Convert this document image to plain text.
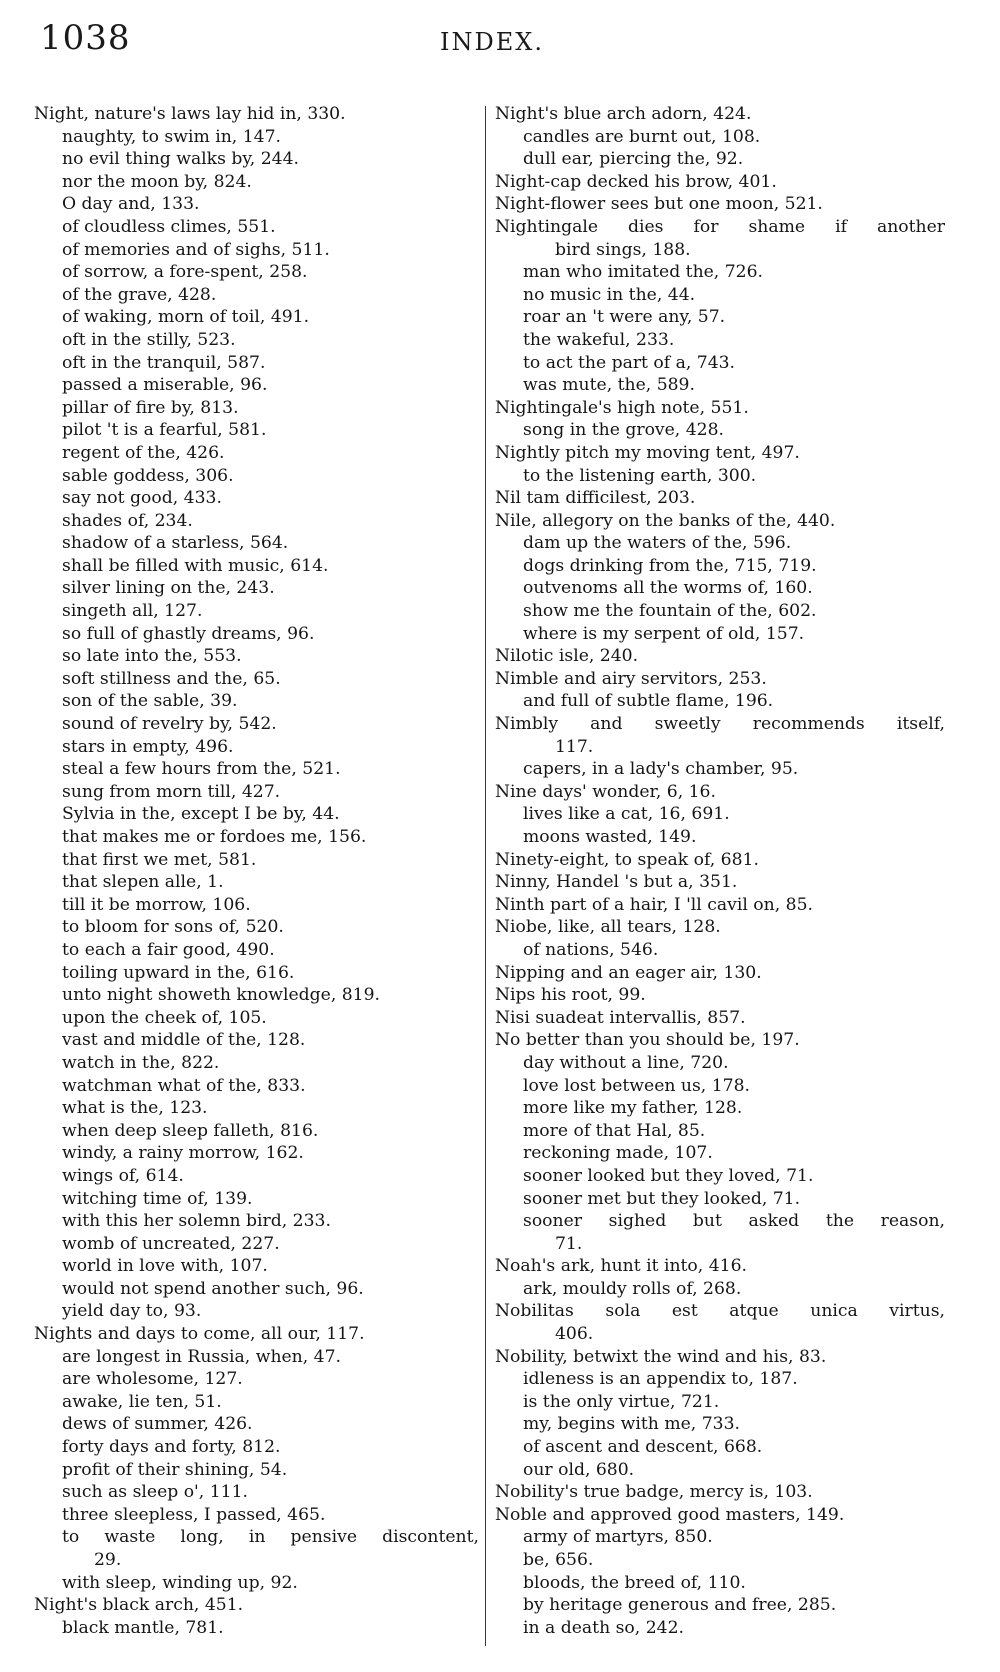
1038	INDEX.
Night, nature's laws lay hid in, 330.
naughty, to swim in, 147.
no evil thing walks by, 244.
nor the moon by, 824.
O day and, 133.
of cloudless climes, 551.
of memories and of sighs, 511.
of sorrow, a fore-spent, 258.
of the grave, 428.
of waking, morn of toil, 491.
oft in the stilly, 523.
oft in the tranquil, 587.
passed a miserable, 96.
pillar of fire by, 813.
pilot 't is a fearful, 581.
regent of the, 426.
sable goddess, 306.
say not good, 433.
shades of, 234.
shadow of a starless, 564.
shall be filled with music, 614.
silver lining on the, 243.
singeth all, 127.
so full of ghastly dreams, 96.
so late into the, 553.
soft stillness and the, 65.
son of the sable, 39.
sound of revelry by, 542.
stars in empty, 496.
steal a few hours from the, 521.
sung from morn till, 427.
Sylvia in the, except I be by, 44.
that makes me or fordoes me, 156.
that first we met, 581.
that slepen alle, 1.
till it be morrow, 106.
to bloom for sons of, 520.
to each a fair good, 490.
toiling upward in the, 616.
unto night showeth knowledge, 819.
upon the cheek of, 105.
vast and middle of the, 128.
watch in the, 822.
watchman what of the, 833.
what is the, 123.
when deep sleep falleth, 816.
windy, a rainy morrow, 162.
wings of, 614.
witching time of, 139.
with this her solemn bird, 233.
womb of uncreated, 227.
world in love with, 107.
would not spend another such, 96.
yield day to, 93.
Nights and days to come, all our, 117.
are longest in Russia, when, 47.
are wholesome, 127.
awake, lie ten, 51.
dews of summer, 426.
forty days and forty, 812.
profit of their shining, 54.
such as sleep o', 111.
three sleepless, I passed, 465.
to waste long, in pensive discontent,
29.
with sleep, winding up, 92.
Night's black arch, 451.
black mantle, 781.
Night's blue arch adorn, 424.
candles are burnt out, 108.
dull ear, piercing the, 92.
Night-cap decked his brow, 401.
Night-flower sees but one moon, 521.
Nightingale dies for shame if another
bird sings, 188.
man who imitated the, 726.
no music in the, 44.
roar an 't were any, 57.
the wakeful, 233.
to act the part of a, 743.
was mute, the, 589.
Nightingale's high note, 551.
song in the grove, 428.
Nightly pitch my moving tent, 497.
to the listening earth, 300.
Nil tam difficilest, 203.
Nile, allegory on the banks of the, 440.
dam up the waters of the, 596.
dogs drinking from the, 715, 719.
outvenoms all the worms of, 160.
show me the fountain of the, 602.
where is my serpent of old, 157.
Nilotic isle, 240.
Nimble and airy servitors, 253.
and full of subtle flame, 196.
Nimbly and sweetly recommends itself,
117.
capers, in a lady's chamber, 95.
Nine days' wonder, 6, 16.
lives like a cat, 16, 691.
moons wasted, 149.
Ninety-eight, to speak of, 681.
Ninny, Handel 's but a, 351.
Ninth part of a hair, I 'll cavil on, 85.
Niobe, like, all tears, 128.
of nations, 546.
Nipping and an eager air, 130.
Nips his root, 99.
Nisi suadeat intervallis, 857.
No better than you should be, 197.
day without a line, 720.
love lost between us, 178.
more like my father, 128.
more of that Hal, 85.
reckoning made, 107.
sooner looked but they loved, 71.
sooner met but they looked, 71.
sooner sighed but asked the reason,
71.
Noah's ark, hunt it into, 416.
ark, mouldy rolls of, 268.
Nobilitas sola est atque unica virtus,
406.
Nobility, betwixt the wind and his, 83.
idleness is an appendix to, 187.
is the only virtue, 721.
my, begins with me, 733.
of ascent and descent, 668.
our old, 680.
Nobility's true badge, mercy is, 103.
Noble and approved good masters, 149.
army of martyrs, 850.
be, 656.
bloods, the breed of, 110.
by heritage generous and free, 285.
in a death so, 242.
